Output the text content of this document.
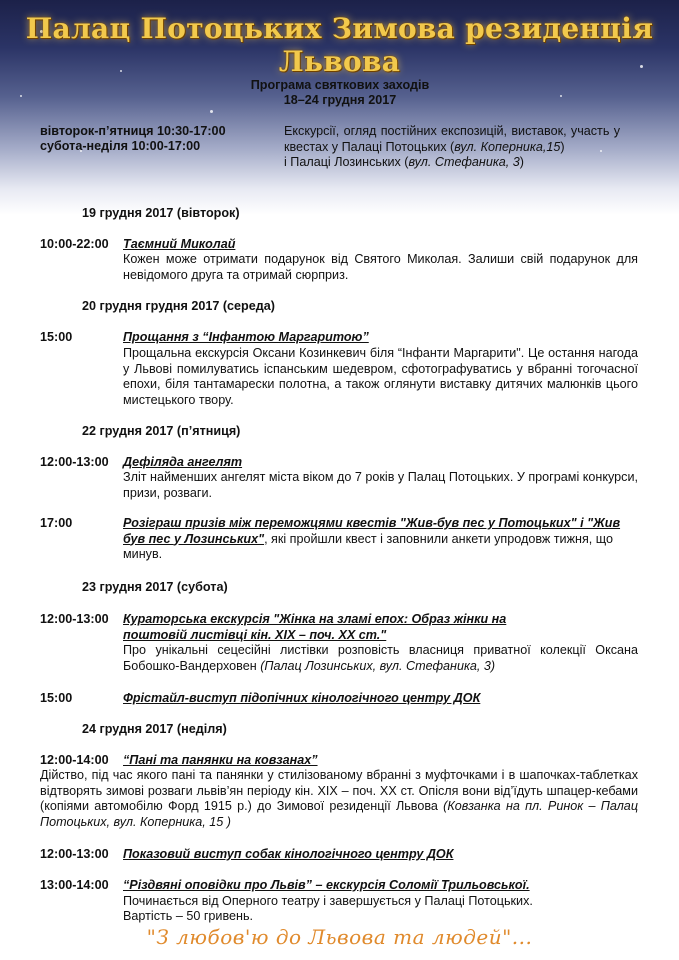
Палац Потоцьких Зимова резиденція Львова
Програма святкових заходів
18–24 грудня 2017
вівторок-п’ятниця 10:30-17:00
субота-неділя 10:00-17:00
Екскурсії, огляд постійних експозицій, виставок, участь у квестах у Палаці Потоцьких (вул. Коперника,15)
і Палаці Лозинських (вул. Стефаника, 3)
19 грудня 2017 (вівторок)
10:00-22:00 Таємний Миколай
Кожен може отримати подарунок від Святого Миколая. Залиши свій подарунок для невідомого друга та отримай сюрприз.
20 грудня грудня 2017 (середа)
15:00	Прощання з “Інфантою Маргаритою”
Прощальна екскурсія Оксани Козинкевич біля “Інфанти Маргарити". Це остання нагода у Львові помилуватись іспанським шедевром, сфотографуватись у вбранні тогочасної епохи, біля тантамарески полотна, а також оглянути виставку дитячих малюнків цього мистецького твору.
22 грудня 2017 (п’ятниця)
12:00-13:00 Дефіляда ангелят
Зліт найменших ангелят міста віком до 7 років у Палац Потоцьких. У програмі конкурси, призи, розваги.
17:00	Розіграш призів між переможцями квестів "Жив-був пес у Потоцьких" і "Жив був пес у Лозинських", які пройшли квест і заповнили анкети упродовж тижня, що минув.
23 грудня 2017 (субота)
12:00-13:00 Кураторська екскурсія "Жінка на зламі епох: Образ жінки на поштовій листівці кін. XIX – поч. XX ст."
Про унікальні сецесійні листівки розповість власниця приватної колекції Оксана Бобошко-Вандерховен (Палац Лозинських, вул. Стефаника, 3)
15:00	Фрістайл-виступ підопічних кінологічного центру ДОК
24 грудня 2017 (неділя)
12:00-14:00 “Пані та панянки на ковзанах”
Дійство, під час якого пані та панянки у стилізованому вбранні з муфточками і в шапочках-таблетках відтворять зимові розваги львів’ян періоду кін. XIX – поч. XX ст. Опісля вони від’їдуть шпацер-кебами (копіями автомобілю Форд 1915 р.) до Зимової резиденції Львова (Ковзанка на пл. Ринок – Палац Потоцьких, вул. Коперника, 15 )
12:00-13:00 Показовий виступ собак кінологічного центру ДОК
13:00-14:00 “Різдвяні оповідки про Львів” – екскурсія Соломії Трильовської.
Починається від Оперного театру і завершується у Палаці Потоцьких.
Вартість – 50 гривень.
"З любов'ю до Львова та людей"...
